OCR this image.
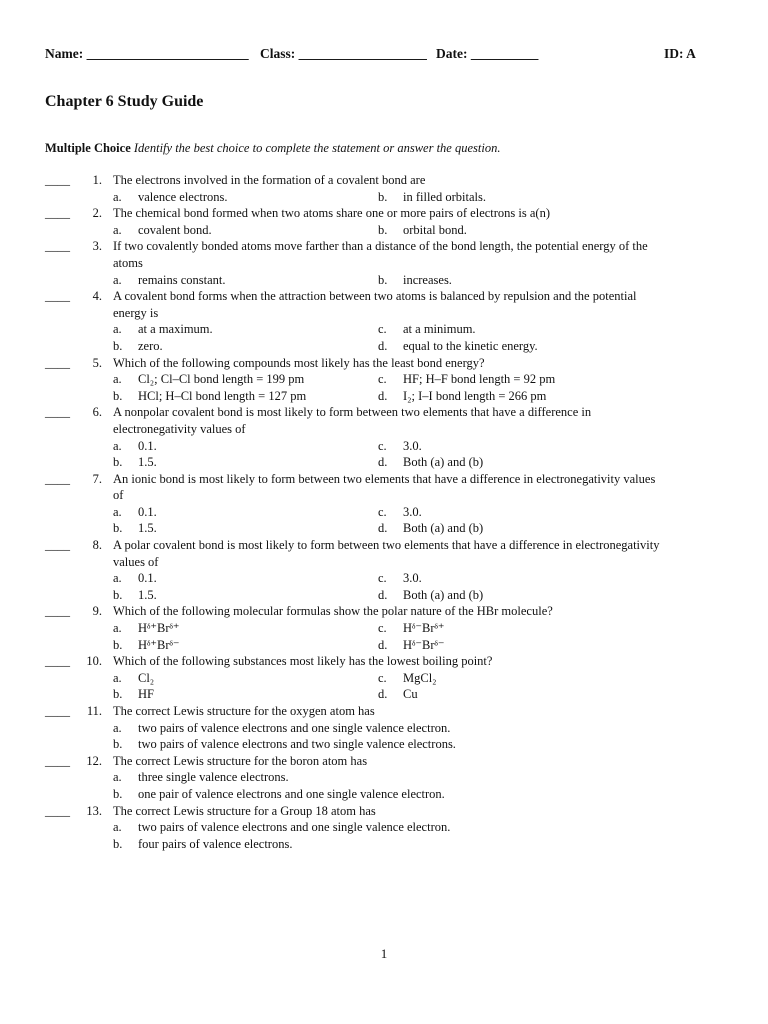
Name: ________________________ Class: ___________________ Date: __________	ID: A
Chapter 6 Study Guide
Multiple Choice Identify the best choice to complete the statement or answer the question.
____	1. The electrons involved in the formation of a covalent bond are
a. valence electrons.	b. in filled orbitals.
____	2. The chemical bond formed when two atoms share one or more pairs of electrons is a(n)
a. covalent bond.	b. orbital bond.
____	3. If two covalently bonded atoms move farther than a distance of the bond length, the potential energy of the
atoms
a. remains constant.	b. increases.
____	4. A covalent bond forms when the attraction between two atoms is balanced by repulsion and the potential
energy is
a. at a maximum.	c. at a minimum.
b. zero.	d. equal to the kinetic energy.
____	5. Which of the following compounds most likely has the least bond energy?
a. Cl₂; Cl–Cl bond length = 199 pm	c. HF; H–F bond length = 92 pm
b. HCl; H–Cl bond length = 127 pm	d. I₂; I–I bond length = 266 pm
____	6. A nonpolar covalent bond is most likely to form between two elements that have a difference in
electronegativity values of
a. 0.1.	c. 3.0.
b. 1.5.	d. Both (a) and (b)
____	7. An ionic bond is most likely to form between two elements that have a difference in electronegativity values
of
a. 0.1.	c. 3.0.
b. 1.5.	d. Both (a) and (b)
____	8. A polar covalent bond is most likely to form between two elements that have a difference in electronegativity
values of
a. 0.1.	c. 3.0.
b. 1.5.	d. Both (a) and (b)
____	9. Which of the following molecular formulas show the polar nature of the HBr molecule?
a. Hᵟ⁺Brᵟ⁺	c. Hᵟ⁻Brᵟ⁺
b. Hᵟ⁺Brᵟ⁻	d. Hᵟ⁻Brᵟ⁻
____	10. Which of the following substances most likely has the lowest boiling point?
a. Cl₂	c. MgCl₂
b. HF	d. Cu
____	11. The correct Lewis structure for the oxygen atom has
a. two pairs of valence electrons and one single valence electron.
b. two pairs of valence electrons and two single valence electrons.
____	12. The correct Lewis structure for the boron atom has
a. three single valence electrons.
b. one pair of valence electrons and one single valence electron.
____	13. The correct Lewis structure for a Group 18 atom has
a. two pairs of valence electrons and one single valence electron.
b. four pairs of valence electrons.
1
